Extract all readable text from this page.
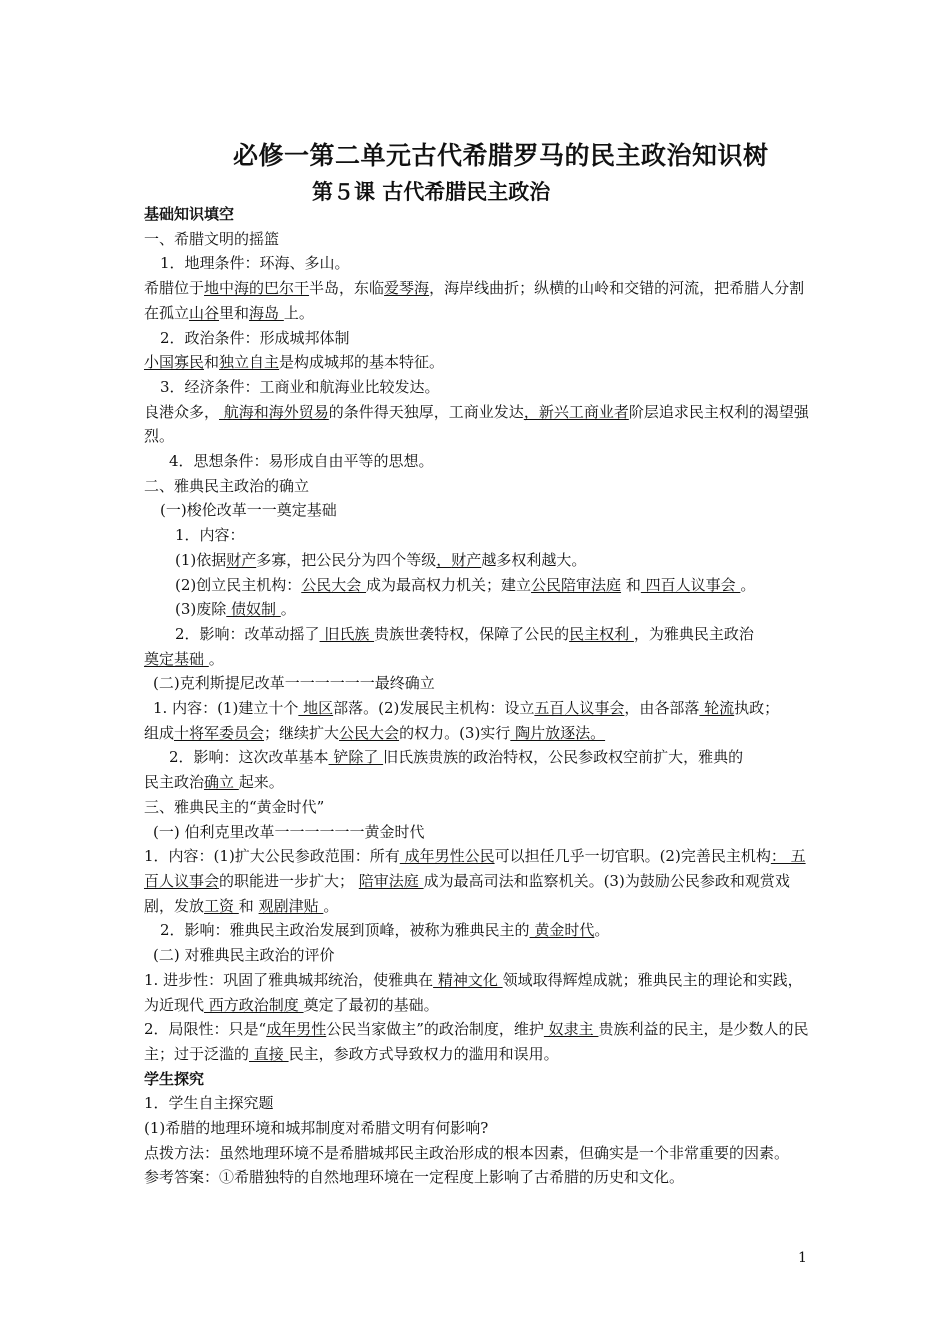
必修一第二单元古代希腊罗马的民主政治知识树
第５课 古代希腊民主政治
基础知识填空
一、希腊文明的摇篮
1．地理条件：环海、多山。
希腊位于地中海的巴尔干半岛，东临爱琴海，海岸线曲折；纵横的山岭和交错的河流，把希腊人分割在孤立山谷里和海岛 上。
2．政治条件：形成城邦体制
小国寡民和独立自主是构成城邦的基本特征。
3．经济条件：工商业和航海业比较发达。
良港众多， 航海和海外贸易的条件得天独厚，工商业发达，新兴工商业者阶层追求民主权利的渴望强烈。
4．思想条件：易形成自由平等的思想。
二、雅典民主政治的确立
(一)梭伦改革一一奠定基础
1．内容：
(1)依据财产多寡，把公民分为四个等级，财产越多权利越大。
(2)创立民主机构：公民大会 成为最高权力机关；建立公民陪审法庭 和 四百人议事会 。
(3)废除 债奴制 。
2．影响：改革动摇了 旧氏族 贵族世袭特权，保障了公民的民主权利 ，为雅典民主政治
奠定基础 。
(二)克利斯提尼改革一一一一一一最终确立
1. 内容：(1)建立十个 地区部落。(2)发展民主机构：设立五百人议事会，由各部落 轮流执政；
组成十将军委员会；继续扩大公民大会的权力。(3)实行 陶片放逐法。
2．影响：这次改革基本 铲除了 旧氏族贵族的政治特权，公民参政权空前扩大，雅典的
民主政治确立 起来。
三、雅典民主的“黄金时代”
(一) 伯利克里改革一一一一一一黄金时代
1．内容：(1)扩大公民参政范围：所有 成年男性公民可以担任几乎一切官职。(2)完善民主机构： 五百人议事会的职能进一步扩大； 陪审法庭 成为最高司法和监察机关。(3)为鼓励公民参政和观赏戏剧，发放工资 和 观剧津贴 。
2．影响：雅典民主政治发展到顶峰，被称为雅典民主的 黄金时代。
(二) 对雅典民主政治的评价
1. 进步性：巩固了雅典城邦统治，使雅典在 精神文化 领域取得辉煌成就；雅典民主的理论和实践，为近现代 西方政治制度 奠定了最初的基础。
2．局限性：只是“成年男性公民当家做主”的政治制度，维护 奴隶主 贵族利益的民主，是少数人的民主；过于泛滥的 直接 民主，参政方式导致权力的滥用和误用。
学生探究
1．学生自主探究题
(1)希腊的地理环境和城邦制度对希腊文明有何影响?
点拨方法：虽然地理环境不是希腊城邦民主政治形成的根本因素，但确实是一个非常重要的因素。
参考答案：①希腊独特的自然地理环境在一定程度上影响了古希腊的历史和文化。
1
